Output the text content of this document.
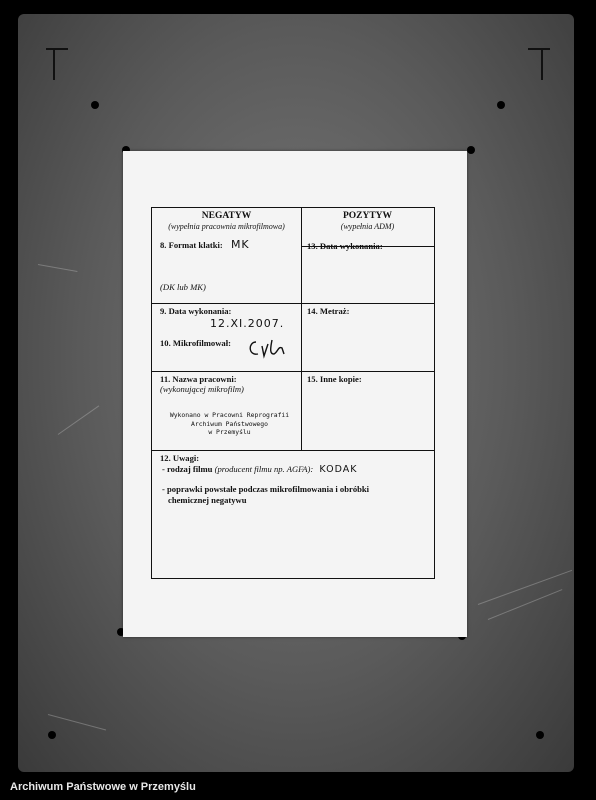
NEGATYW
(wypełnia pracownia mikrofilmowa)
POZYTYW
(wypełnia ADM)
8. Format klatki: MK
(DK lub MK)
13. Data wykonania:
9. Data wykonania:
12.XI.2007.
10. Mikrofilmował:
14. Metraż:
11. Nazwa pracowni:
(wykonującej mikrofilm)
Wykonano w Pracowni Reprografii
Archiwum Państwowego
w Przemyślu
15. Inne kopie:
12. Uwagi:
- rodzaj filmu (producent filmu np. AGFA): KODAK
- poprawki powstałe podczas mikrofilmowania i obróbki
chemicznej negatywu
Archiwum Państwowe w Przemyślu
